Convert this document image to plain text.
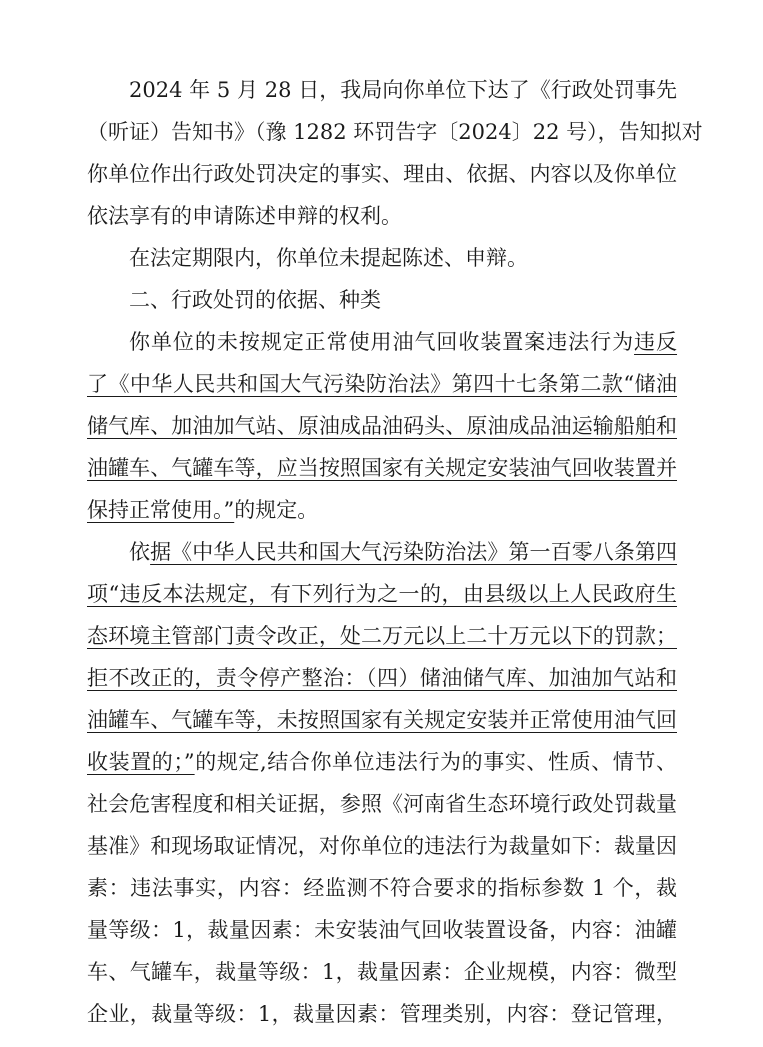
2024 年 5 月 28 日，我局向你单位下达了《行政处罚事先
（听证）告知书》（豫 1282 环罚告字〔2024〕22 号），告知拟对
你单位作出行政处罚决定的事实、理由、依据、内容以及你单位
依法享有的申请陈述申辩的权利。
在法定期限内，你单位未提起陈述、申辩。
二、行政处罚的依据、种类
你单位的未按规定正常使用油气回收装置案违法行为违反
了《中华人民共和国大气污染防治法》第四十七条第二款“储油
储气库、加油加气站、原油成品油码头、原油成品油运输船舶和
油罐车、气罐车等，应当按照国家有关规定安装油气回收装置并
保持正常使用。”的规定。
依据《中华人民共和国大气污染防治法》第一百零八条第四
项“违反本法规定，有下列行为之一的，由县级以上人民政府生
态环境主管部门责令改正，处二万元以上二十万元以下的罚款；
拒不改正的，责令停产整治：（四）储油储气库、加油加气站和
油罐车、气罐车等，未按照国家有关规定安装并正常使用油气回
收装置的；”的规定,结合你单位违法行为的事实、性质、情节、
社会危害程度和相关证据，参照《河南省生态环境行政处罚裁量
基准》和现场取证情况，对你单位的违法行为裁量如下：裁量因
素：违法事实，内容：经监测不符合要求的指标参数 1 个，裁
量等级：1，裁量因素：未安装油气回收装置设备，内容：油罐
车、气罐车，裁量等级：1，裁量因素：企业规模，内容：微型
企业，裁量等级：1，裁量因素：管理类别，内容：登记管理，
